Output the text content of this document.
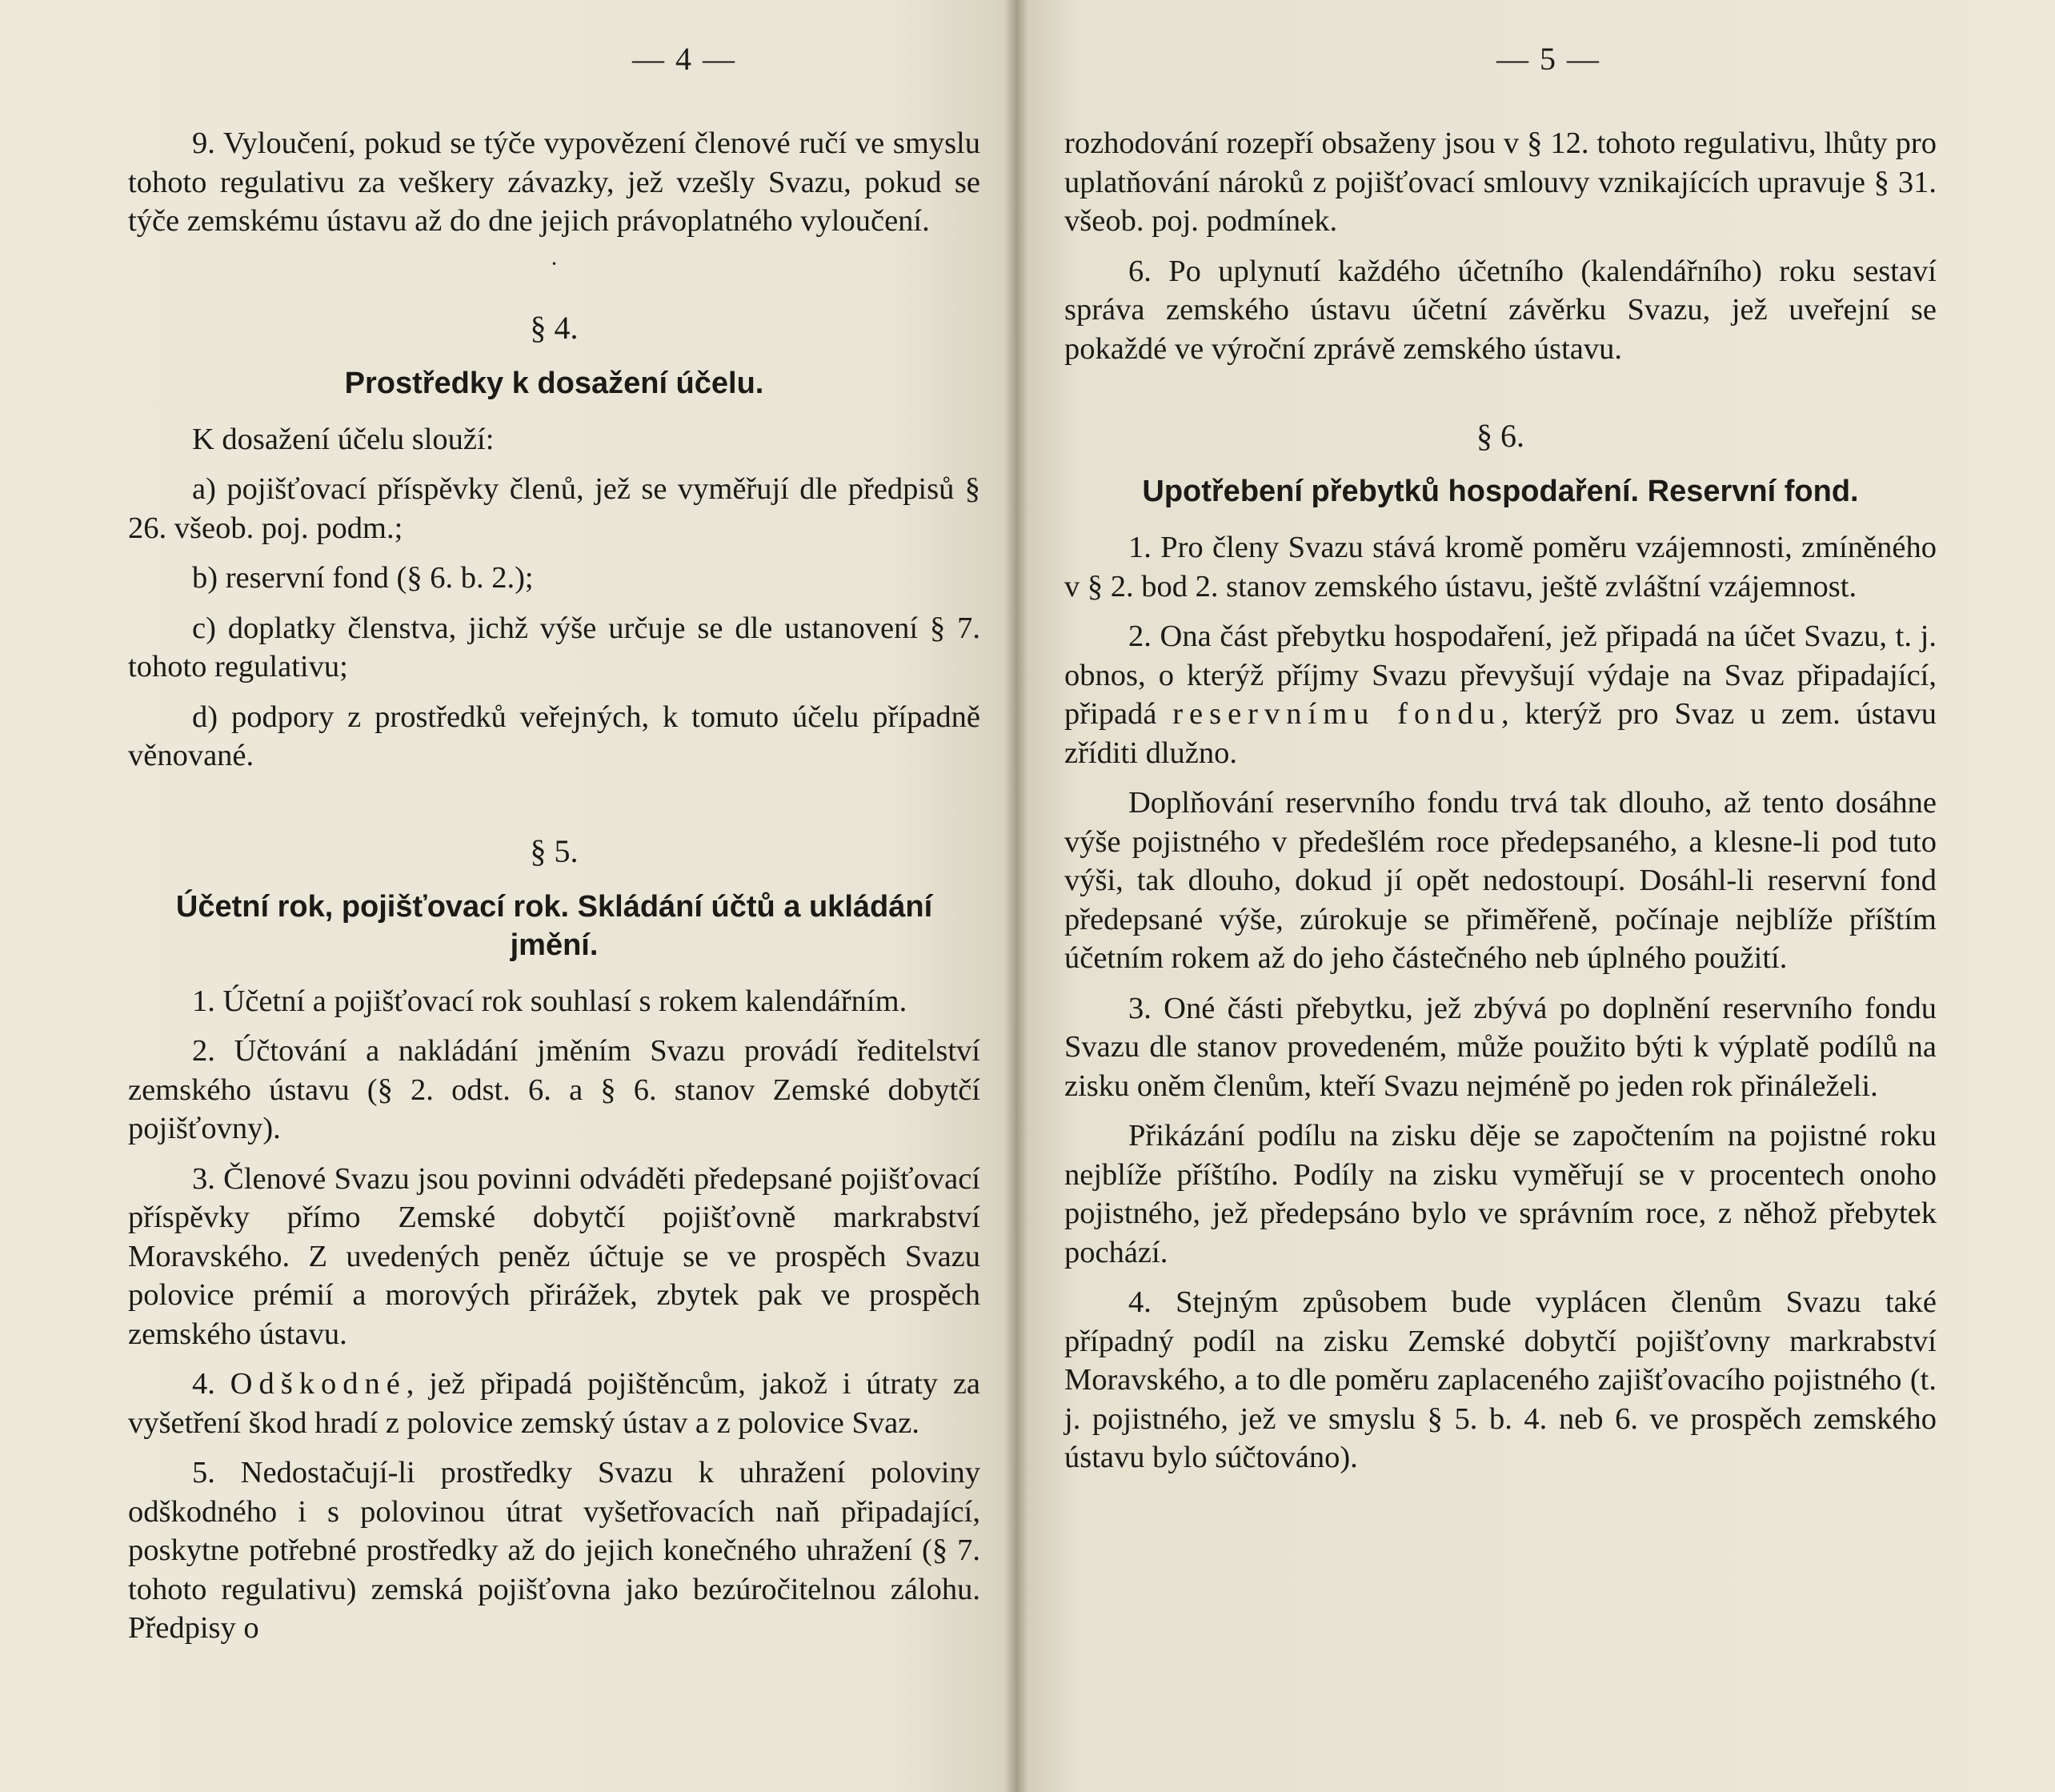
— 4 —

9. Vyloučení, pokud se týče vypovězení členové ručí ve smyslu tohoto regulativu za veškery závazky, jež vzešly Svazu, pokud se týče zemskému ústavu až do dne jejich právoplatného vyloučení.

·
§ 4.
Prostředky k dosažení účelu.

K dosažení účelu slouží:

a) pojišťovací příspěvky členů, jež se vyměřují dle předpisů § 26. všeob. poj. podm.;

b) reservní fond (§ 6. b. 2.);

c) doplatky členstva, jichž výše určuje se dle ustanovení § 7. tohoto regulativu;

d) podpory z prostředků veřejných, k tomuto účelu případně věnované.

§ 5.
Účetní rok, pojišťovací rok. Skládání účtů a ukládání jmění.

1. Účetní a pojišťovací rok souhlasí s rokem kalendářním.

2. Účtování a nakládání jměním Svazu provádí ředitelství zemského ústavu (§ 2. odst. 6. a § 6. stanov Zemské dobytčí pojišťovny).

3. Členové Svazu jsou povinni odváděti předepsané pojišťovací příspěvky přímo Zemské dobytčí pojišťovně markrabství Moravského. Z uvedených peněz účtuje se ve prospěch Svazu polovice prémií a morových přirážek, zbytek pak ve prospěch zemského ústavu.

4. Odškodné, jež připadá pojištěncům, jakož i útraty za vyšetření škod hradí z polovice zemský ústav a z polovice Svaz.

5. Nedostačují-li prostředky Svazu k uhražení poloviny odškodného i s polovinou útrat vyšetřovacích naň připadající, poskytne potřebné prostředky až do jejich konečného uhražení (§ 7. tohoto regulativu) zemská pojišťovna jako bezúročitelnou zálohu. Předpisy o

— 5 —

rozhodování rozepří obsaženy jsou v § 12. tohoto regulativu, lhůty pro uplatňování nároků z pojišťovací smlouvy vznikajících upravuje § 31. všeob. poj. podmínek.

6. Po uplynutí každého účetního (kalendářního) roku sestaví správa zemského ústavu účetní závěrku Svazu, jež uveřejní se pokaždé ve výroční zprávě zemského ústavu.

§ 6.
Upotřebení přebytků hospodaření. Reservní fond.

1. Pro členy Svazu stává kromě poměru vzájemnosti, zmíněného v § 2. bod 2. stanov zemského ústavu, ještě zvláštní vzájemnost.

2. Ona část přebytku hospodaření, jež připadá na účet Svazu, t. j. obnos, o kterýž příjmy Svazu převyšují výdaje na Svaz připadající, připadá reservnímu fondu, kterýž pro Svaz u zem. ústavu zříditi dlužno.

Doplňování reservního fondu trvá tak dlouho, až tento dosáhne výše pojistného v předešlém roce předepsaného, a klesne-li pod tuto výši, tak dlouho, dokud jí opět nedostoupí. Dosáhl-li reservní fond předepsané výše, zúrokuje se přiměřeně, počínaje nejblíže příštím účetním rokem až do jeho částečného neb úplného použití.

3. Oné části přebytku, jež zbývá po doplnění reservního fondu Svazu dle stanov provedeném, může použito býti k výplatě podílů na zisku oněm členům, kteří Svazu nejméně po jeden rok přináleželi.

Přikázání podílu na zisku děje se započtením na pojistné roku nejblíže příštího. Podíly na zisku vyměřují se v procentech onoho pojistného, jež předepsáno bylo ve správním roce, z něhož přebytek pochází.

4. Stejným způsobem bude vyplácen členům Svazu také případný podíl na zisku Zemské dobytčí pojišťovny markrabství Moravského, a to dle poměru zaplaceného zajišťovacího pojistného (t. j. pojistného, jež ve smyslu § 5. b. 4. neb 6. ve prospěch zemského ústavu bylo súčtováno).
